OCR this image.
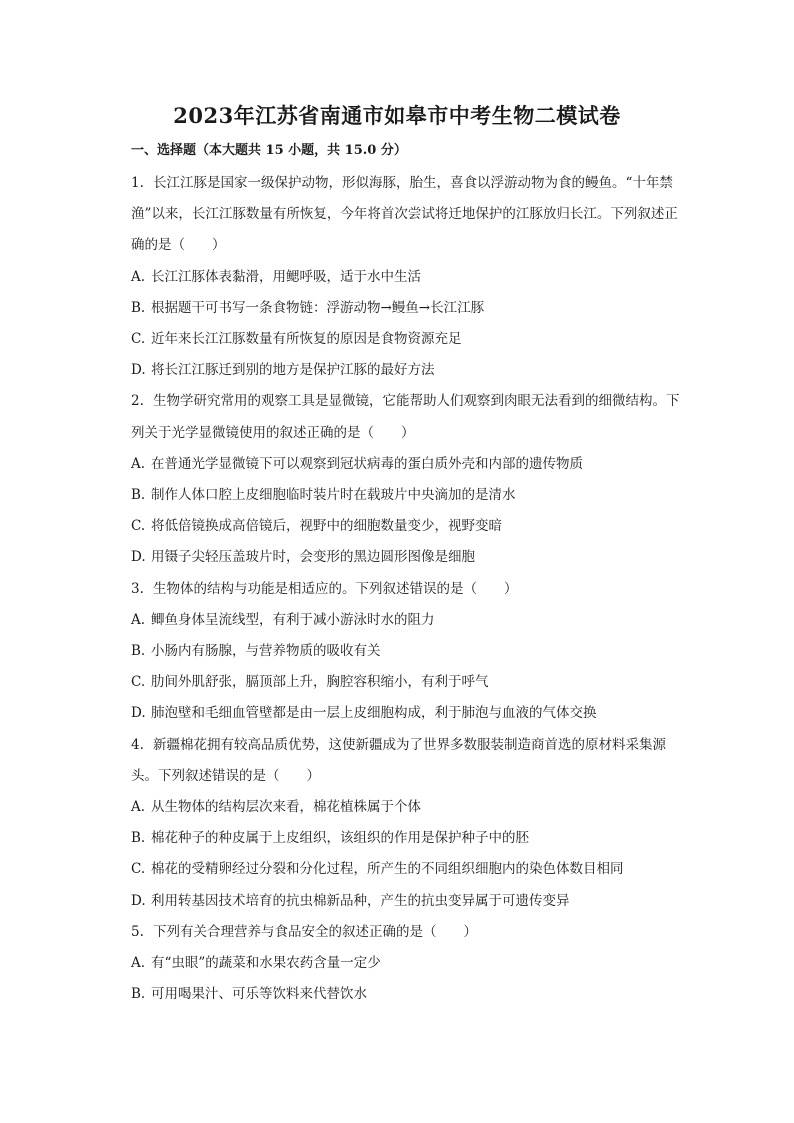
2023年江苏省南通市如皋市中考生物二模试卷
一、选择题（本大题共 15 小题，共 15.0 分）

1. 长江江豚是国家一级保护动物，形似海豚，胎生，喜食以浮游动物为食的鳗鱼。“十年禁渔”以来，长江江豚数量有所恢复，今年将首次尝试将迁地保护的江豚放归长江。下列叙述正确的是（　　）

A. 长江江豚体表黏滑，用鳃呼吸，适于水中生活

B. 根据题干可书写一条食物链：浮游动物→鳗鱼→长江江豚

C. 近年来长江江豚数量有所恢复的原因是食物资源充足

D. 将长江江豚迁到别的地方是保护江豚的最好方法

2. 生物学研究常用的观察工具是显微镜，它能帮助人们观察到肉眼无法看到的细微结构。下列关于光学显微镜使用的叙述正确的是（　　）

A. 在普通光学显微镜下可以观察到冠状病毒的蛋白质外壳和内部的遗传物质

B. 制作人体口腔上皮细胞临时装片时在载玻片中央滴加的是清水

C. 将低倍镜换成高倍镜后，视野中的细胞数量变少，视野变暗

D. 用镊子尖轻压盖玻片时，会变形的黑边圆形图像是细胞

3. 生物体的结构与功能是相适应的。下列叙述错误的是（　　）

A. 鲫鱼身体呈流线型，有利于减小游泳时水的阻力

B. 小肠内有肠腺，与营养物质的吸收有关

C. 肋间外肌舒张，膈顶部上升，胸腔容积缩小，有利于呼气

D. 肺泡壁和毛细血管壁都是由一层上皮细胞构成，利于肺泡与血液的气体交换

4. 新疆棉花拥有较高品质优势，这使新疆成为了世界多数服装制造商首选的原材料采集源头。下列叙述错误的是（　　）

A. 从生物体的结构层次来看，棉花植株属于个体

B. 棉花种子的种皮属于上皮组织，该组织的作用是保护种子中的胚

C. 棉花的受精卵经过分裂和分化过程，所产生的不同组织细胞内的染色体数目相同

D. 利用转基因技术培育的抗虫棉新品种，产生的抗虫变异属于可遗传变异

5. 下列有关合理营养与食品安全的叙述正确的是（　　）

A. 有“虫眼”的蔬菜和水果农药含量一定少

B. 可用喝果汁、可乐等饮料来代替饮水
